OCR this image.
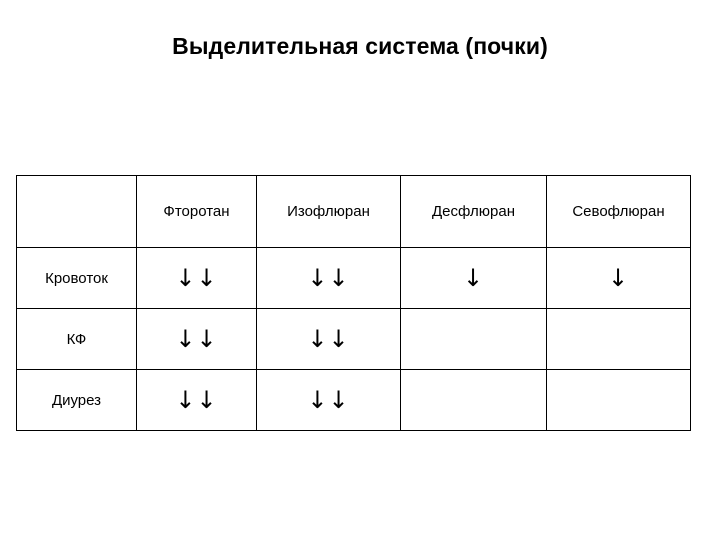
Выделительная система (почки)
	Фторотан	Изофлюран	Десфлюран	Севофлюран
Кровоток	↓↓	↓↓	↓	↓
КФ	↓↓	↓↓		
Диурез	↓↓	↓↓		
